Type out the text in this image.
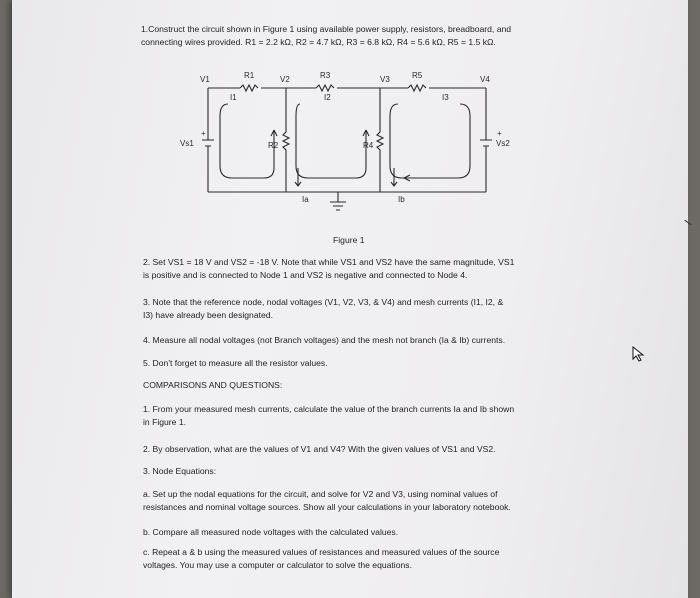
1.Construct the circuit shown in Figure 1 using available power supply, resistors, breadboard, and
connecting wires provided. R1 = 2.2 kΩ, R2 = 4.7 kΩ, R3 = 6.8 kΩ, R4 = 5.6 kΩ, R5 = 1.5 kΩ.
V1	R1	V2	R3	V3	R5	V4
I1	I2	I3
Vs1
+
R2	R4	Vs2
+
Ia	Ib
Figure 1
2. Set VS1 = 18 V and VS2 = -18 V. Note that while VS1 and VS2 have the same magnitude, VS1
is positive and is connected to Node 1 and VS2 is negative and connected to Node 4.
3. Note that the reference node, nodal voltages (V1, V2, V3, & V4) and mesh currents (I1, I2, &
I3) have already been designated.
4. Measure all nodal voltages (not Branch voltages) and the mesh not branch (Ia & Ib) currents.
5. Don't forget to measure all the resistor values.
COMPARISONS AND QUESTIONS:
1. From your measured mesh currents, calculate the value of the branch currents Ia and Ib shown
in Figure 1.
2. By observation, what are the values of V1 and V4? With the given values of VS1 and VS2.
3. Node Equations:
a. Set up the nodal equations for the circuit, and solve for V2 and V3, using nominal values of
resistances and nominal voltage sources. Show all your calculations in your laboratory notebook.
b. Compare all measured node voltages with the calculated values.
c. Repeat a & b using the measured values of resistances and measured values of the source
voltages. You may use a computer or calculator to solve the equations.
